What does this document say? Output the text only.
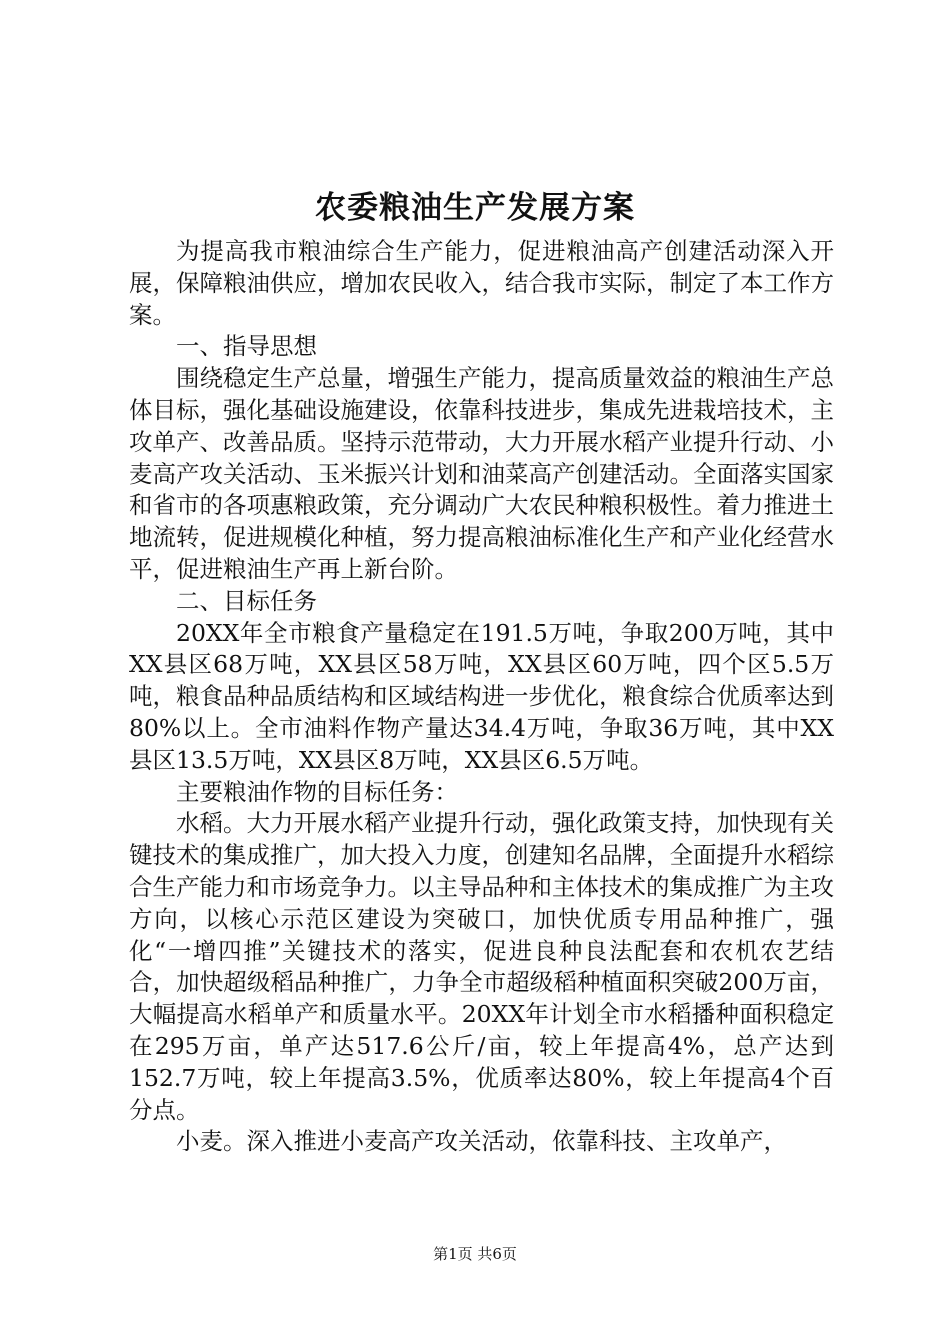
农委粮油生产发展方案

为提高我市粮油综合生产能力，促进粮油高产创建活动深入开展，保障粮油供应，增加农民收入，结合我市实际，制定了本工作方案。

一、指导思想

围绕稳定生产总量，增强生产能力，提高质量效益的粮油生产总体目标，强化基础设施建设，依靠科技进步，集成先进栽培技术，主攻单产、改善品质。坚持示范带动，大力开展水稻产业提升行动、小麦高产攻关活动、玉米振兴计划和油菜高产创建活动。全面落实国家和省市的各项惠粮政策，充分调动广大农民种粮积极性。着力推进土地流转，促进规模化种植，努力提高粮油标准化生产和产业化经营水平，促进粮油生产再上新台阶。

二、目标任务

20XX年全市粮食产量稳定在191.5万吨，争取200万吨，其中XX县区68万吨，XX县区58万吨，XX县区60万吨，四个区5.5万吨，粮食品种品质结构和区域结构进一步优化，粮食综合优质率达到80%以上。全市油料作物产量达34.4万吨，争取36万吨，其中XX县区13.5万吨，XX县区8万吨，XX县区6.5万吨。

主要粮油作物的目标任务：

水稻。大力开展水稻产业提升行动，强化政策支持，加快现有关键技术的集成推广，加大投入力度，创建知名品牌，全面提升水稻综合生产能力和市场竞争力。以主导品种和主体技术的集成推广为主攻方向，以核心示范区建设为突破口，加快优质专用品种推广，强化“一增四推”关键技术的落实，促进良种良法配套和农机农艺结合，加快超级稻品种推广，力争全市超级稻种植面积突破200万亩，大幅提高水稻单产和质量水平。20XX年计划全市水稻播种面积稳定在295万亩，单产达517.6公斤/亩，较上年提高4%，总产达到152.7万吨，较上年提高3.5%，优质率达80%，较上年提高4个百分点。

小麦。深入推进小麦高产攻关活动，依靠科技、主攻单产，

第1页 共6页
